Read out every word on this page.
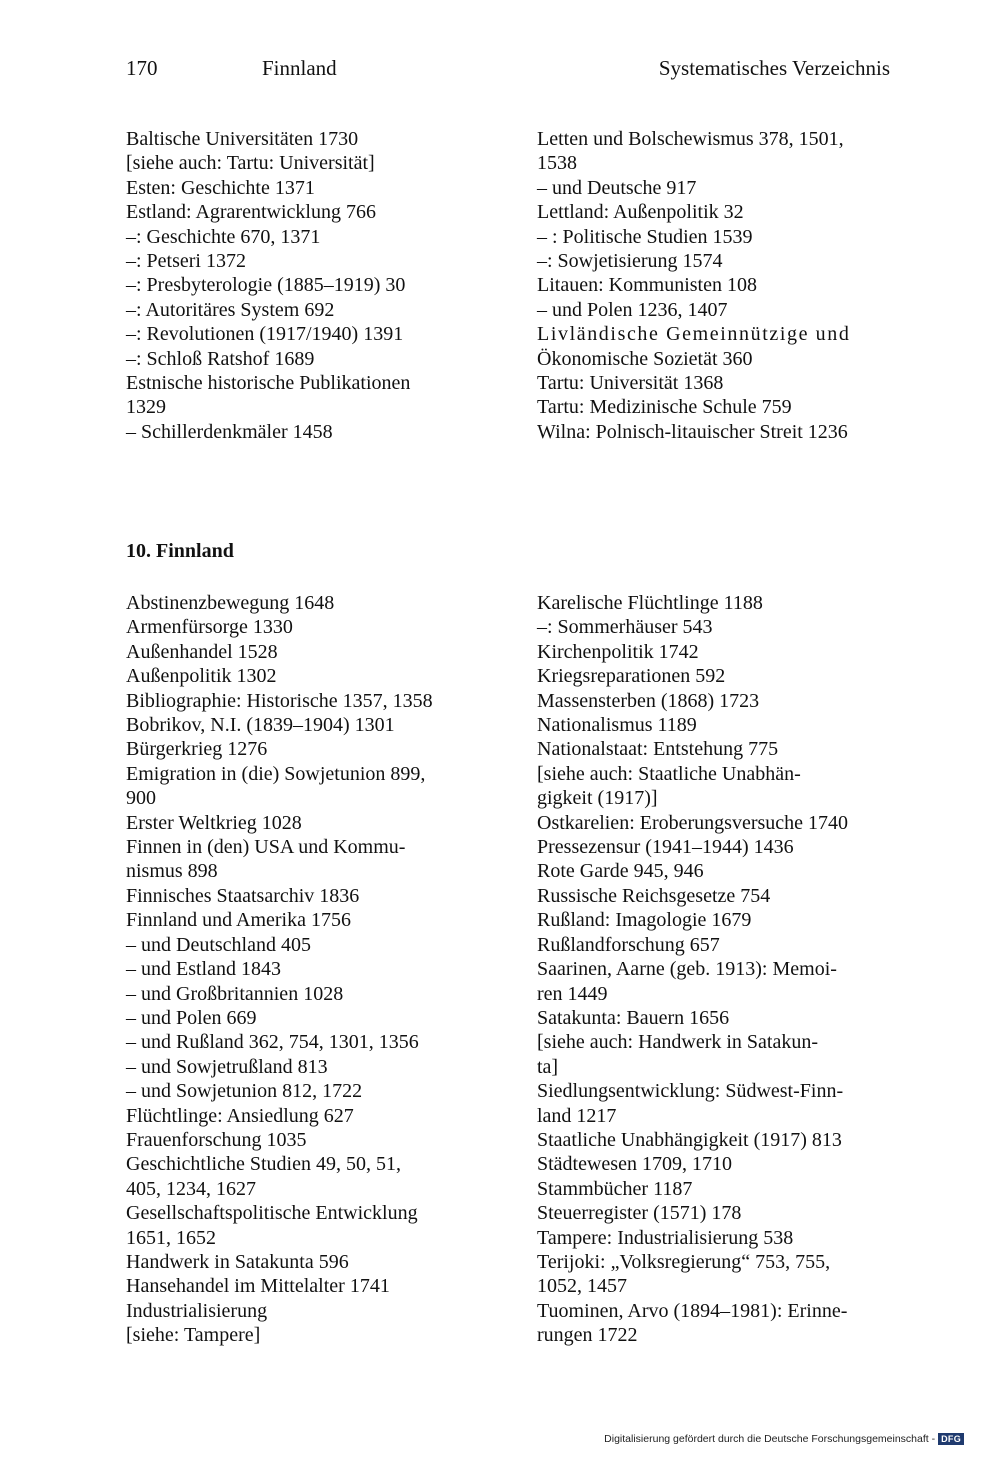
170	Finnland	Systematisches Verzeichnis
Baltische Universitäten 1730
[siehe auch: Tartu: Universität]
Esten: Geschichte 1371
Estland: Agrarentwicklung 766
–: Geschichte 670, 1371
–: Petseri 1372
–: Presbyterologie (1885–1919) 30
–: Autoritäres System 692
–: Revolutionen (1917/1940) 1391
–: Schloß Ratshof 1689
Estnische historische Publikationen
1329
– Schillerdenkmäler 1458
Letten und Bolschewismus 378, 1501,
1538
– und Deutsche 917
Lettland: Außenpolitik 32
– : Politische Studien 1539
–: Sowjetisierung 1574
Litauen: Kommunisten 108
– und Polen 1236, 1407
Livländische Gemeinnützige und
Ökonomische Sozietät 360
Tartu: Universität 1368
Tartu: Medizinische Schule 759
Wilna: Polnisch-litauischer Streit 1236
10. Finnland
Abstinenzbewegung 1648
Armenfürsorge 1330
Außenhandel 1528
Außenpolitik 1302
Bibliographie: Historische 1357, 1358
Bobrikov, N.I. (1839–1904) 1301
Bürgerkrieg 1276
Emigration in (die) Sowjetunion 899,
900
Erster Weltkrieg 1028
Finnen in (den) USA und Kommu-
nismus 898
Finnisches Staatsarchiv 1836
Finnland und Amerika 1756
– und Deutschland 405
– und Estland 1843
– und Großbritannien 1028
– und Polen 669
– und Rußland 362, 754, 1301, 1356
– und Sowjetrußland 813
– und Sowjetunion 812, 1722
Flüchtlinge: Ansiedlung 627
Frauenforschung 1035
Geschichtliche Studien 49, 50, 51,
405, 1234, 1627
Gesellschaftspolitische Entwicklung
1651, 1652
Handwerk in Satakunta 596
Hansehandel im Mittelalter 1741
Industrialisierung
[siehe: Tampere]
Karelische Flüchtlinge 1188
–: Sommerhäuser 543
Kirchenpolitik 1742
Kriegsreparationen 592
Massensterben (1868) 1723
Nationalismus 1189
Nationalstaat: Entstehung 775
[siehe auch: Staatliche Unabhän-
gigkeit (1917)]
Ostkarelien: Eroberungsversuche 1740
Pressezensur (1941–1944) 1436
Rote Garde 945, 946
Russische Reichsgesetze 754
Rußland: Imagologie 1679
Rußlandforschung 657
Saarinen, Aarne (geb. 1913): Memoi-
ren 1449
Satakunta: Bauern 1656
[siehe auch: Handwerk in Satakun-
ta]
Siedlungsentwicklung: Südwest-Finn-
land 1217
Staatliche Unabhängigkeit (1917) 813
Städtewesen 1709, 1710
Stammbücher 1187
Steuerregister (1571) 178
Tampere: Industrialisierung 538
Terijoki: „Volksregierung“ 753, 755,
1052, 1457
Tuominen, Arvo (1894–1981): Erinne-
rungen 1722
Digitalisierung gefördert durch die Deutsche Forschungsgemeinschaft - DFG
